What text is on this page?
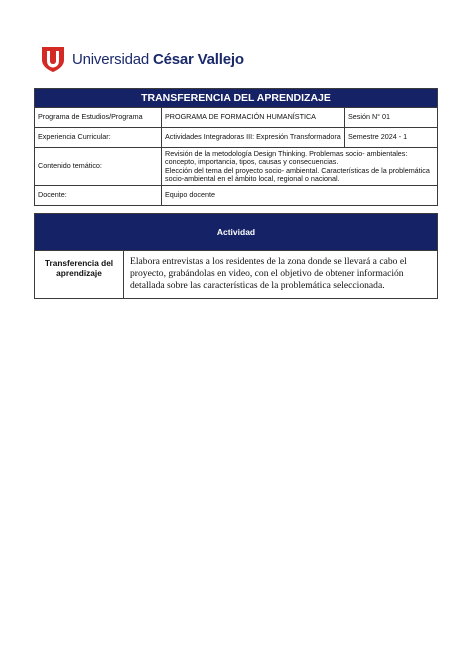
Universidad César Vallejo
TRANSFERENCIA DEL APRENDIZAJE		
Programa de Estudios/Programa	PROGRAMA DE FORMACIÓN HUMANÍSTICA	Sesión N° 01
Experiencia Curricular:	Actividades Integradoras III: Expresión Transformadora	Semestre 2024 - 1
Contenido temático:	Revisión de la metodología Design Thinking. Problemas socio- ambientales: concepto, importancia, tipos, causas y consecuencias.
Elección del tema del proyecto socio- ambiental. Características de la problemática socio-ambiental en el ámbito local, regional o nacional.	

Docente:	Equipo docente	
Actividad
Transferencia del aprendizaje	Elabora entrevistas a los residentes de la zona donde se llevará a cabo el proyecto, grabándolas en video, con el objetivo de obtener información detallada sobre las características de la problemática seleccionada.
